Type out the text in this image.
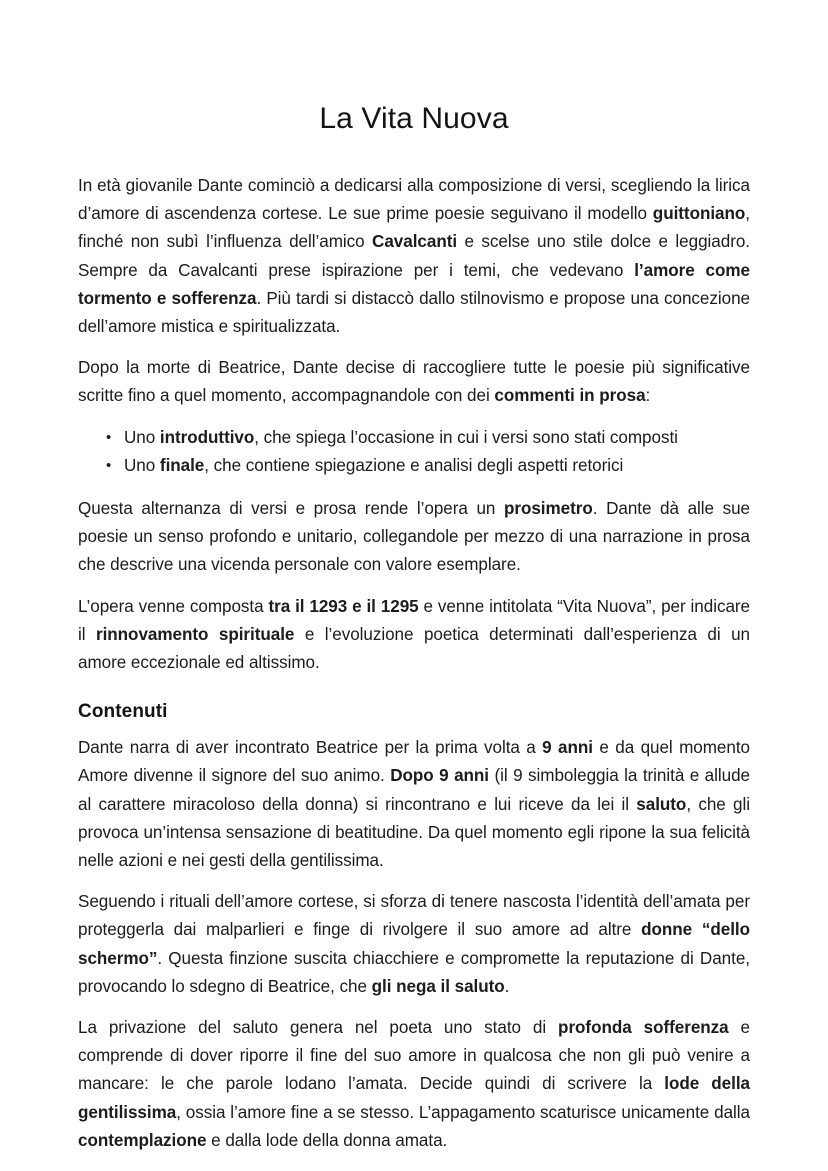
La Vita Nuova

In età giovanile Dante cominciò a dedicarsi alla composizione di versi, scegliendo la lirica d’amore di ascendenza cortese. Le sue prime poesie seguivano il modello guittoniano, finché non subì l’influenza dell’amico Cavalcanti e scelse uno stile dolce e leggiadro. Sempre da Cavalcanti prese ispirazione per i temi, che vedevano l’amore come tormento e sofferenza. Più tardi si distaccò dallo stilnovismo e propose una concezione dell’amore mistica e spiritualizzata.

Dopo la morte di Beatrice, Dante decise di raccogliere tutte le poesie più significative scritte fino a quel momento, accompagnandole con dei commenti in prosa:

• Uno introduttivo, che spiega l’occasione in cui i versi sono stati composti
• Uno finale, che contiene spiegazione e analisi degli aspetti retorici

Questa alternanza di versi e prosa rende l’opera un prosimetro. Dante dà alle sue poesie un senso profondo e unitario, collegandole per mezzo di una narrazione in prosa che descrive una vicenda personale con valore esemplare.

L’opera venne composta tra il 1293 e il 1295 e venne intitolata “Vita Nuova”, per indicare il rinnovamento spirituale e l’evoluzione poetica determinati dall’esperienza di un amore eccezionale ed altissimo.

Contenuti

Dante narra di aver incontrato Beatrice per la prima volta a 9 anni e da quel momento Amore divenne il signore del suo animo. Dopo 9 anni (il 9 simboleggia la trinità e allude al carattere miracoloso della donna) si rincontrano e lui riceve da lei il saluto, che gli provoca un’intensa sensazione di beatitudine. Da quel momento egli ripone la sua felicità nelle azioni e nei gesti della gentilissima.

Seguendo i rituali dell’amore cortese, si sforza di tenere nascosta l’identità dell’amata per proteggerla dai malparlieri e finge di rivolgere il suo amore ad altre donne “dello schermo”. Questa finzione suscita chiacchiere e compromette la reputazione di Dante, provocando lo sdegno di Beatrice, che gli nega il saluto.

La privazione del saluto genera nel poeta uno stato di profonda sofferenza e comprende di dover riporre il fine del suo amore in qualcosa che non gli può venire a mancare: le che parole lodano l’amata. Decide quindi di scrivere la lode della gentilissima, ossia l’amore fine a se stesso. L’appagamento scaturisce unicamente dalla contemplazione e dalla lode della donna amata.
